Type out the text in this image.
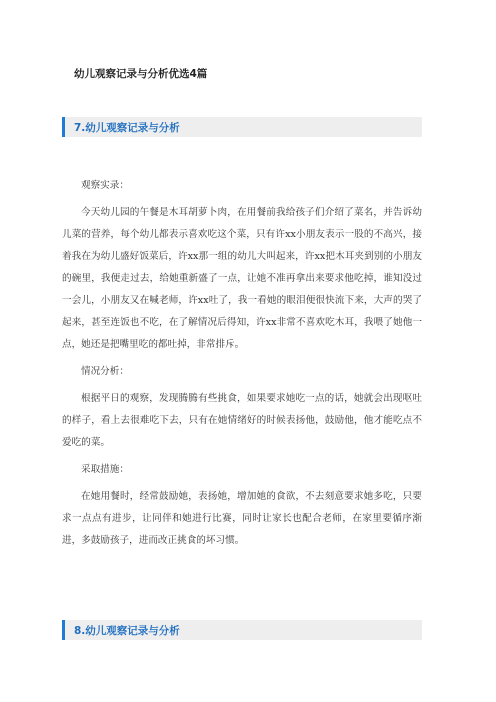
幼儿观察记录与分析优选4篇
7.幼儿观察记录与分析

观察实录：

今天幼儿园的午餐是木耳胡萝卜肉，在用餐前我给孩子们介绍了菜名，并告诉幼儿菜的营养，每个幼儿都表示喜欢吃这个菜，只有许xx小朋友表示一股的不高兴，接着我在为幼儿盛好饭菜后，许xx那一组的幼儿大叫起来，许xx把木耳夹到别的小朋友的碗里，我便走过去，给她重新盛了一点，让她不准再拿出来要求他吃掉，谁知没过一会儿，小朋友又在喊老师，许xx吐了，我一看她的眼泪便很快流下来，大声的哭了起来，甚至连饭也不吃，在了解情况后得知，许xx非常不喜欢吃木耳，我喂了她他一点，她还是把嘴里吃的都吐掉，非常排斥。

情况分析：

根据平日的观察，发现腾腾有些挑食，如果要求她吃一点的话，她就会出现呕吐的样子，看上去很难吃下去，只有在她情绪好的时候表扬他，鼓励他，他才能吃点不爱吃的菜。

采取措施：

在她用餐时，经常鼓励她，表扬她，增加她的食欲，不去刻意要求她多吃，只要求一点点有进步，让同伴和她进行比赛，同时让家长也配合老师，在家里要循序渐进，多鼓励孩子，进而改正挑食的坏习惯。

8.幼儿观察记录与分析
